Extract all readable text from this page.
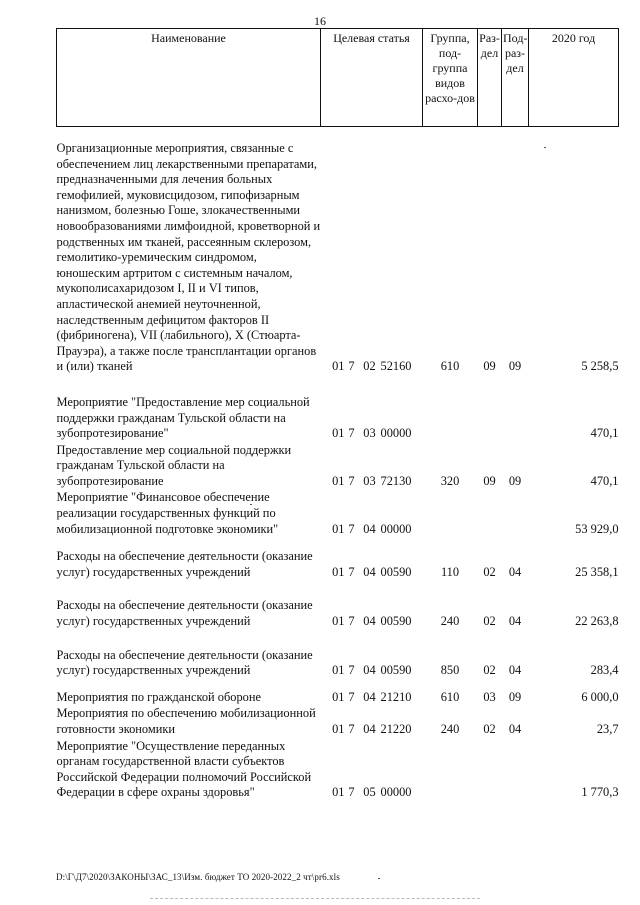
16
Наименование	Целевая статья				Группа, под-группа видов расхо-дов	Раз-дел	Под-раз-дел	2020 год

Организационные мероприятия, связанные с обеспечением лиц лекарственными препаратами, предназначенными для лечения больных гемофилией, муковисцидозом, гипофизарным нанизмом, болезнью Гоше, злокачественными новообразованиями лимфоидной, кроветворной и родственных им тканей, рассеянным склерозом, гемолитико-уремическим синдромом, юношеским артритом с системным началом, мукополисахаридозом I, II и VI типов, апластической анемией неуточненной, наследственным дефицитом факторов II (фибриногена), VII (лабильного), X (Стюарта-Прауэра), а также после трансплантации органов и (или) тканей	01	7	02	52160	610	09	09	5 258,5

Мероприятие "Предоставление мер социальной поддержки гражданам Тульской области на зубопротезирование"	01	7	03	00000				470,1

Предоставление мер социальной поддержки гражданам Тульской области на зубопротезирование	01	7	03	72130	320	09	09	470,1

Мероприятие "Финансовое обеспечение реализации государственных функций по мобилизационной подготовке экономики"	01	7	04	00000				53 929,0

Расходы на обеспечение деятельности (оказание услуг) государственных учреждений	01	7	04	00590	110	02	04	25 358,1

Расходы на обеспечение деятельности (оказание услуг) государственных учреждений	01	7	04	00590	240	02	04	22 263,8

Расходы на обеспечение деятельности (оказание услуг) государственных учреждений	01	7	04	00590	850	02	04	283,4

Мероприятия по гражданской обороне	01	7	04	21210	610	03	09	6 000,0

Мероприятия по обеспечению мобилизационной готовности экономики	01	7	04	21220	240	02	04	23,7

Мероприятие "Осуществление переданных органам государственной власти субъектов Российской Федерации полномочий Российской Федерации в сфере охраны здоровья"	01	7	05	00000				1 770,3
D:\Г\Д7\2020\ЗАКОНЫ\ЗАС_13\Изм. бюджет ТО 2020-2022_2 чт\pr6.xls
